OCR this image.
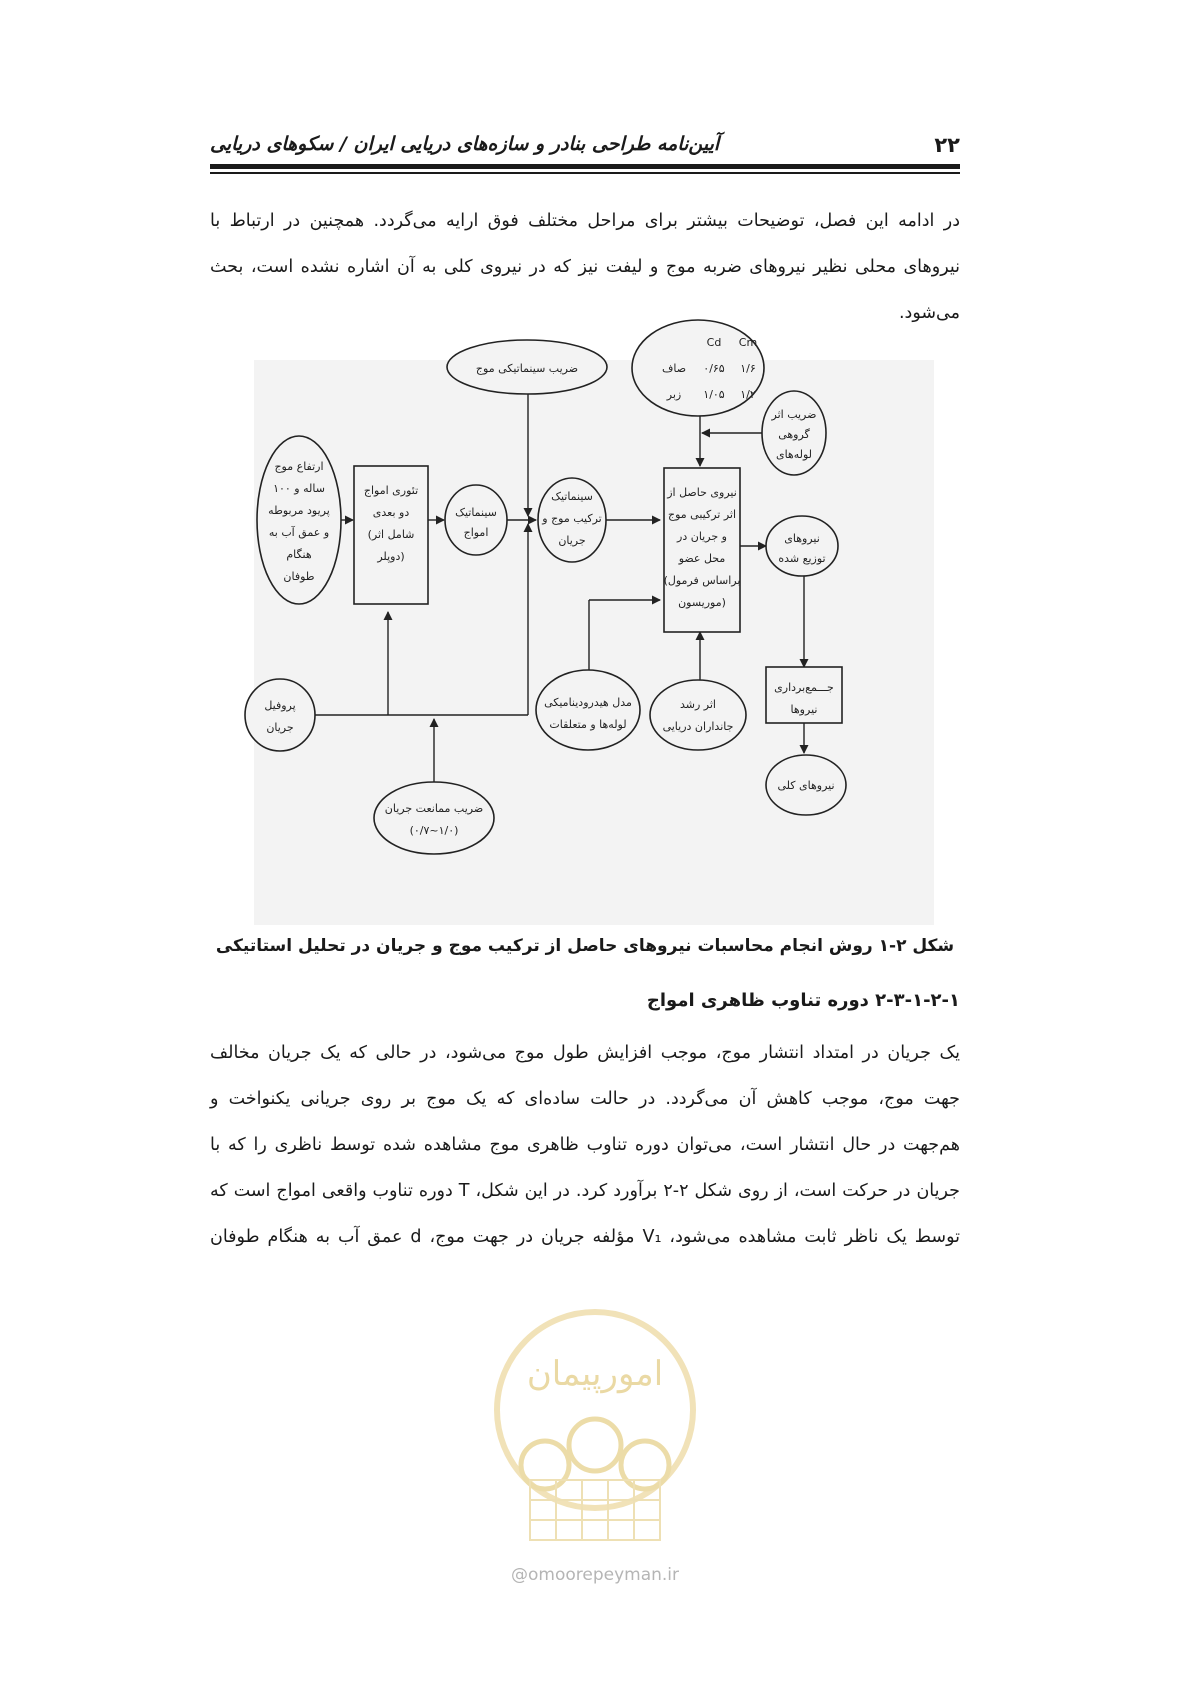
۲۲
آیین‌نامه طراحی بنادر و سازه‌های دریایی ایران / سکوهای دریایی
در ادامه این فصل، توضیحات بیشتر برای مراحل مختلف فوق ارایه می‌گردد. همچنین در ارتباط با
نیروهای محلی نظیر نیروهای ضربه موج و لیفت نیز که در نیروی کلی به آن اشاره نشده است، بحث
می‌شود.
ارتفاع موج
۱۰۰ ساله و
پریود مربوطه
و عمق آب به
هنگام
طوفان
تئوری امواج
دو بعدی
(شامل اثر
دوپلر)
سینماتیک
امواج
ضریب سینماتیکی موج
سینماتیک
ترکیب موج و
جریان
Cd Cm
۱/۶
۰/۶۵
صاف
۱/۲
۱/۰۵
زبر
ضریب اثر
گروهی
لوله‌های
نیروی حاصل از
اثر ترکیبی موج
و جریان در
محل عضو
(براساس فرمول
موریسون)
نیروهای
توزیع شده
جـــمع‌برداری
نیروها
نیروهای کلی
پروفیل
جریان
مدل هیدرودینامیکی
لوله‌ها و متعلقات
اثر رشد
جانداران دریایی
ضریب ممانعت جریان
(۰/۷~۱/۰)
شکل ۲-۱ روش انجام محاسبات نیروهای حاصل از ترکیب موج و جریان در تحلیل استاتیکی
۲-۳-۱-۲-۱ دوره تناوب ظاهری امواج
یک جریان در امتداد انتشار موج، موجب افزایش طول موج می‌شود، در حالی که یک جریان مخالف
جهت موج، موجب کاهش آن می‌گردد. در حالت ساده‌ای که یک موج بر روی جریانی یکنواخت و
هم‌جهت در حال انتشار است، می‌توان دوره تناوب ظاهری موج مشاهده شده توسط ناظری را که با
جریان در حرکت است، از روی شکل ۲-۲ برآورد کرد. در این شکل، T دوره تناوب واقعی امواج است که
توسط یک ناظر ثابت مشاهده می‌شود، V₁ مؤلفه جریان در جهت موج، d عمق آب به هنگام طوفان
امورپیمان
@omoorepeyman.ir
